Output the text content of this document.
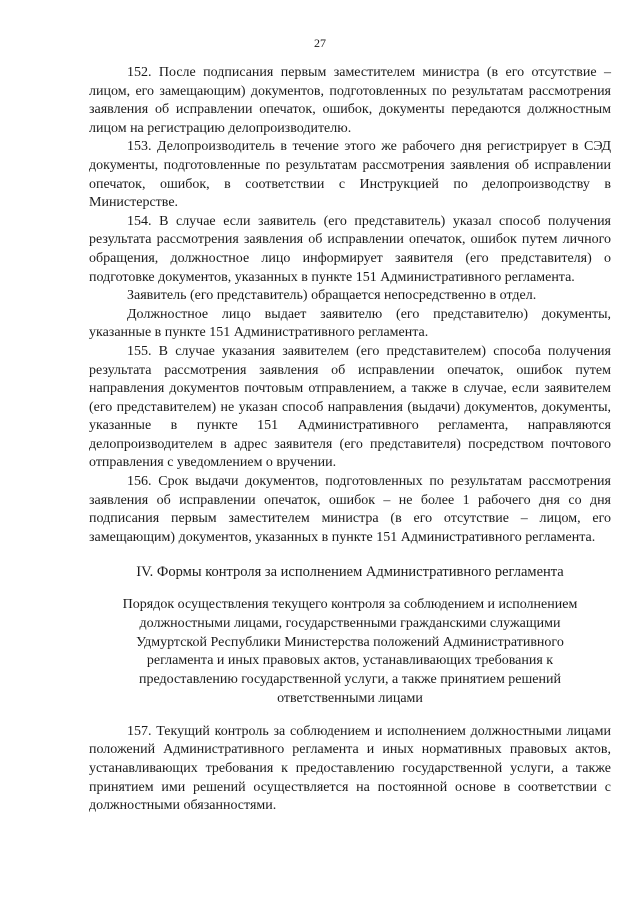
27

152. После подписания первым заместителем министра (в его отсутствие – лицом, его замещающим) документов, подготовленных по результатам рассмотрения заявления об исправлении опечаток, ошибок, документы передаются должностным лицом на регистрацию делопроизводителю.

153. Делопроизводитель в течение этого же рабочего дня регистрирует в СЭД документы, подготовленные по результатам рассмотрения заявления об исправлении опечаток, ошибок, в соответствии с Инструкцией по делопроизводству в Министерстве.

154. В случае если заявитель (его представитель) указал способ получения результата рассмотрения заявления об исправлении опечаток, ошибок путем личного обращения, должностное лицо информирует заявителя (его представителя) о подготовке документов, указанных в пункте 151 Административного регламента.

Заявитель (его представитель) обращается непосредственно в отдел.

Должностное лицо выдает заявителю (его представителю) документы, указанные в пункте 151 Административного регламента.

155. В случае указания заявителем (его представителем) способа получения результата рассмотрения заявления об исправлении опечаток, ошибок путем направления документов почтовым отправлением, а также в случае, если заявителем (его представителем) не указан способ направления (выдачи) документов, документы, указанные в пункте 151 Административного регламента, направляются делопроизводителем в адрес заявителя (его представителя) посредством почтового отправления с уведомлением о вручении.

156. Срок выдачи документов, подготовленных по результатам рассмотрения заявления об исправлении опечаток, ошибок – не более 1 рабочего дня со дня подписания первым заместителем министра (в его отсутствие – лицом, его замещающим) документов, указанных в пункте 151 Административного регламента.

IV. Формы контроля за исполнением Административного регламента

Порядок осуществления текущего контроля за соблюдением и исполнением должностными лицами, государственными гражданскими служащими Удмуртской Республики Министерства положений Административного регламента и иных правовых актов, устанавливающих требования к предоставлению государственной услуги, а также принятием решений ответственными лицами

157. Текущий контроль за соблюдением и исполнением должностными лицами положений Административного регламента и иных нормативных правовых актов, устанавливающих требования к предоставлению государственной услуги, а также принятием ими решений осуществляется на постоянной основе в соответствии с должностными обязанностями.
